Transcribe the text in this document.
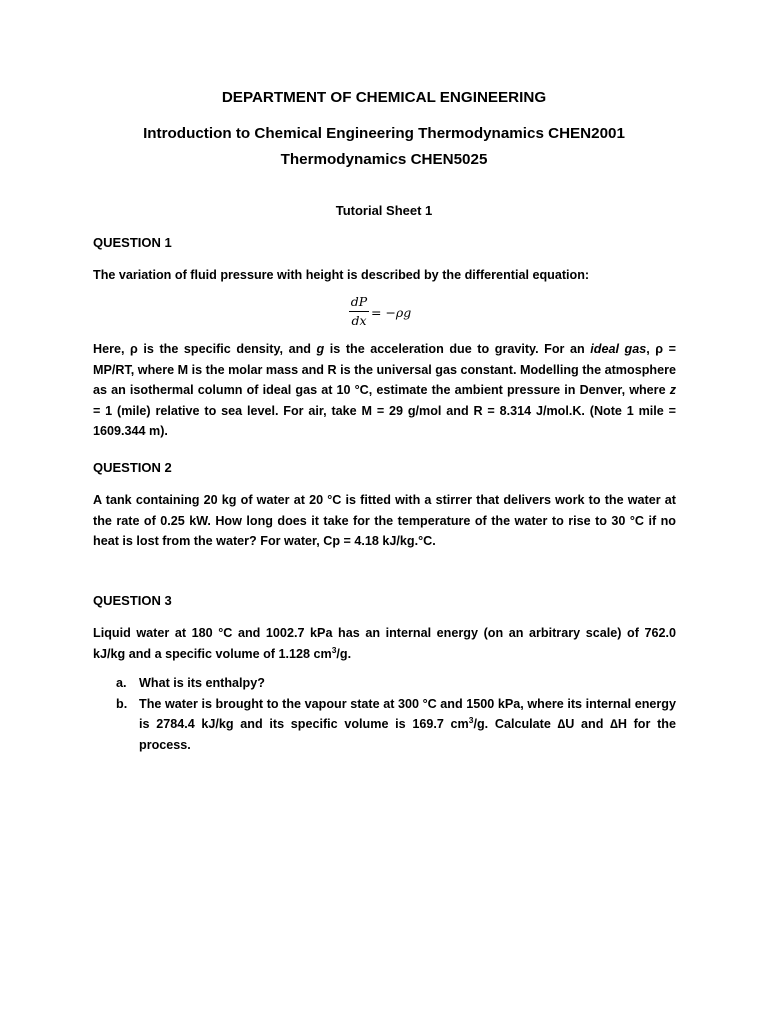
DEPARTMENT OF CHEMICAL ENGINEERING
Introduction to Chemical Engineering Thermodynamics CHEN2001
Thermodynamics CHEN5025
Tutorial Sheet 1
QUESTION 1
The variation of fluid pressure with height is described by the differential equation:
dP
dx
= −ρg
Here, ρ is the specific density, and g is the acceleration due to gravity. For an ideal gas, ρ = MP/RT, where M is the molar mass and R is the universal gas constant. Modelling the atmosphere as an isothermal column of ideal gas at 10 °C, estimate the ambient pressure in Denver, where z = 1 (mile) relative to sea level. For air, take M = 29 g/mol and R = 8.314 J/mol.K. (Note 1 mile = 1609.344 m).
QUESTION 2
A tank containing 20 kg of water at 20 °C is fitted with a stirrer that delivers work to the water at the rate of 0.25 kW. How long does it take for the temperature of the water to rise to 30 °C if no heat is lost from the water? For water, Cp = 4.18 kJ/kg.°C.
QUESTION 3
Liquid water at 180 °C and 1002.7 kPa has an internal energy (on an arbitrary scale) of 762.0 kJ/kg and a specific volume of 1.128 $cm^3/g$.
a. What is its enthalpy?
b. The water is brought to the vapour state at 300 °C and 1500 kPa, where its internal energy is 2784.4 kJ/kg and its specific volume is 169.7 $cm^3/g$. Calculate ∆U and ∆H for the process.
